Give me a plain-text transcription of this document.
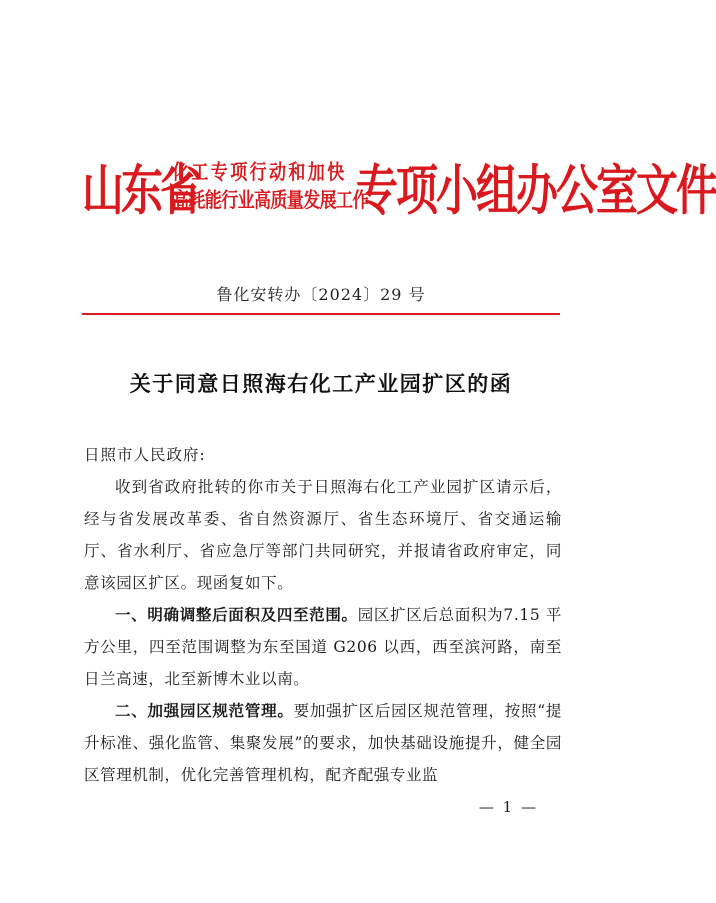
山东省
化工专项行动和加快
高耗能行业高质量发展工作
专项小组办公室文件
鲁化安转办〔2024〕29 号
关于同意日照海右化工产业园扩区的函

日照市人民政府:

收到省政府批转的你市关于日照海右化工产业园扩区请示后，经与省发展改革委、省自然资源厅、省生态环境厅、省交通运输厅、省水利厅、省应急厅等部门共同研究，并报请省政府审定，同意该园区扩区。现函复如下。

一、明确调整后面积及四至范围。园区扩区后总面积为7.15 平方公里，四至范围调整为东至国道 G206 以西，西至滨河路，南至日兰高速，北至新博木业以南。

二、加强园区规范管理。要加强扩区后园区规范管理，按照“提升标准、强化监管、集聚发展”的要求，加快基础设施提升，健全园区管理机制，优化完善管理机构，配齐配强专业监

— 1 —
